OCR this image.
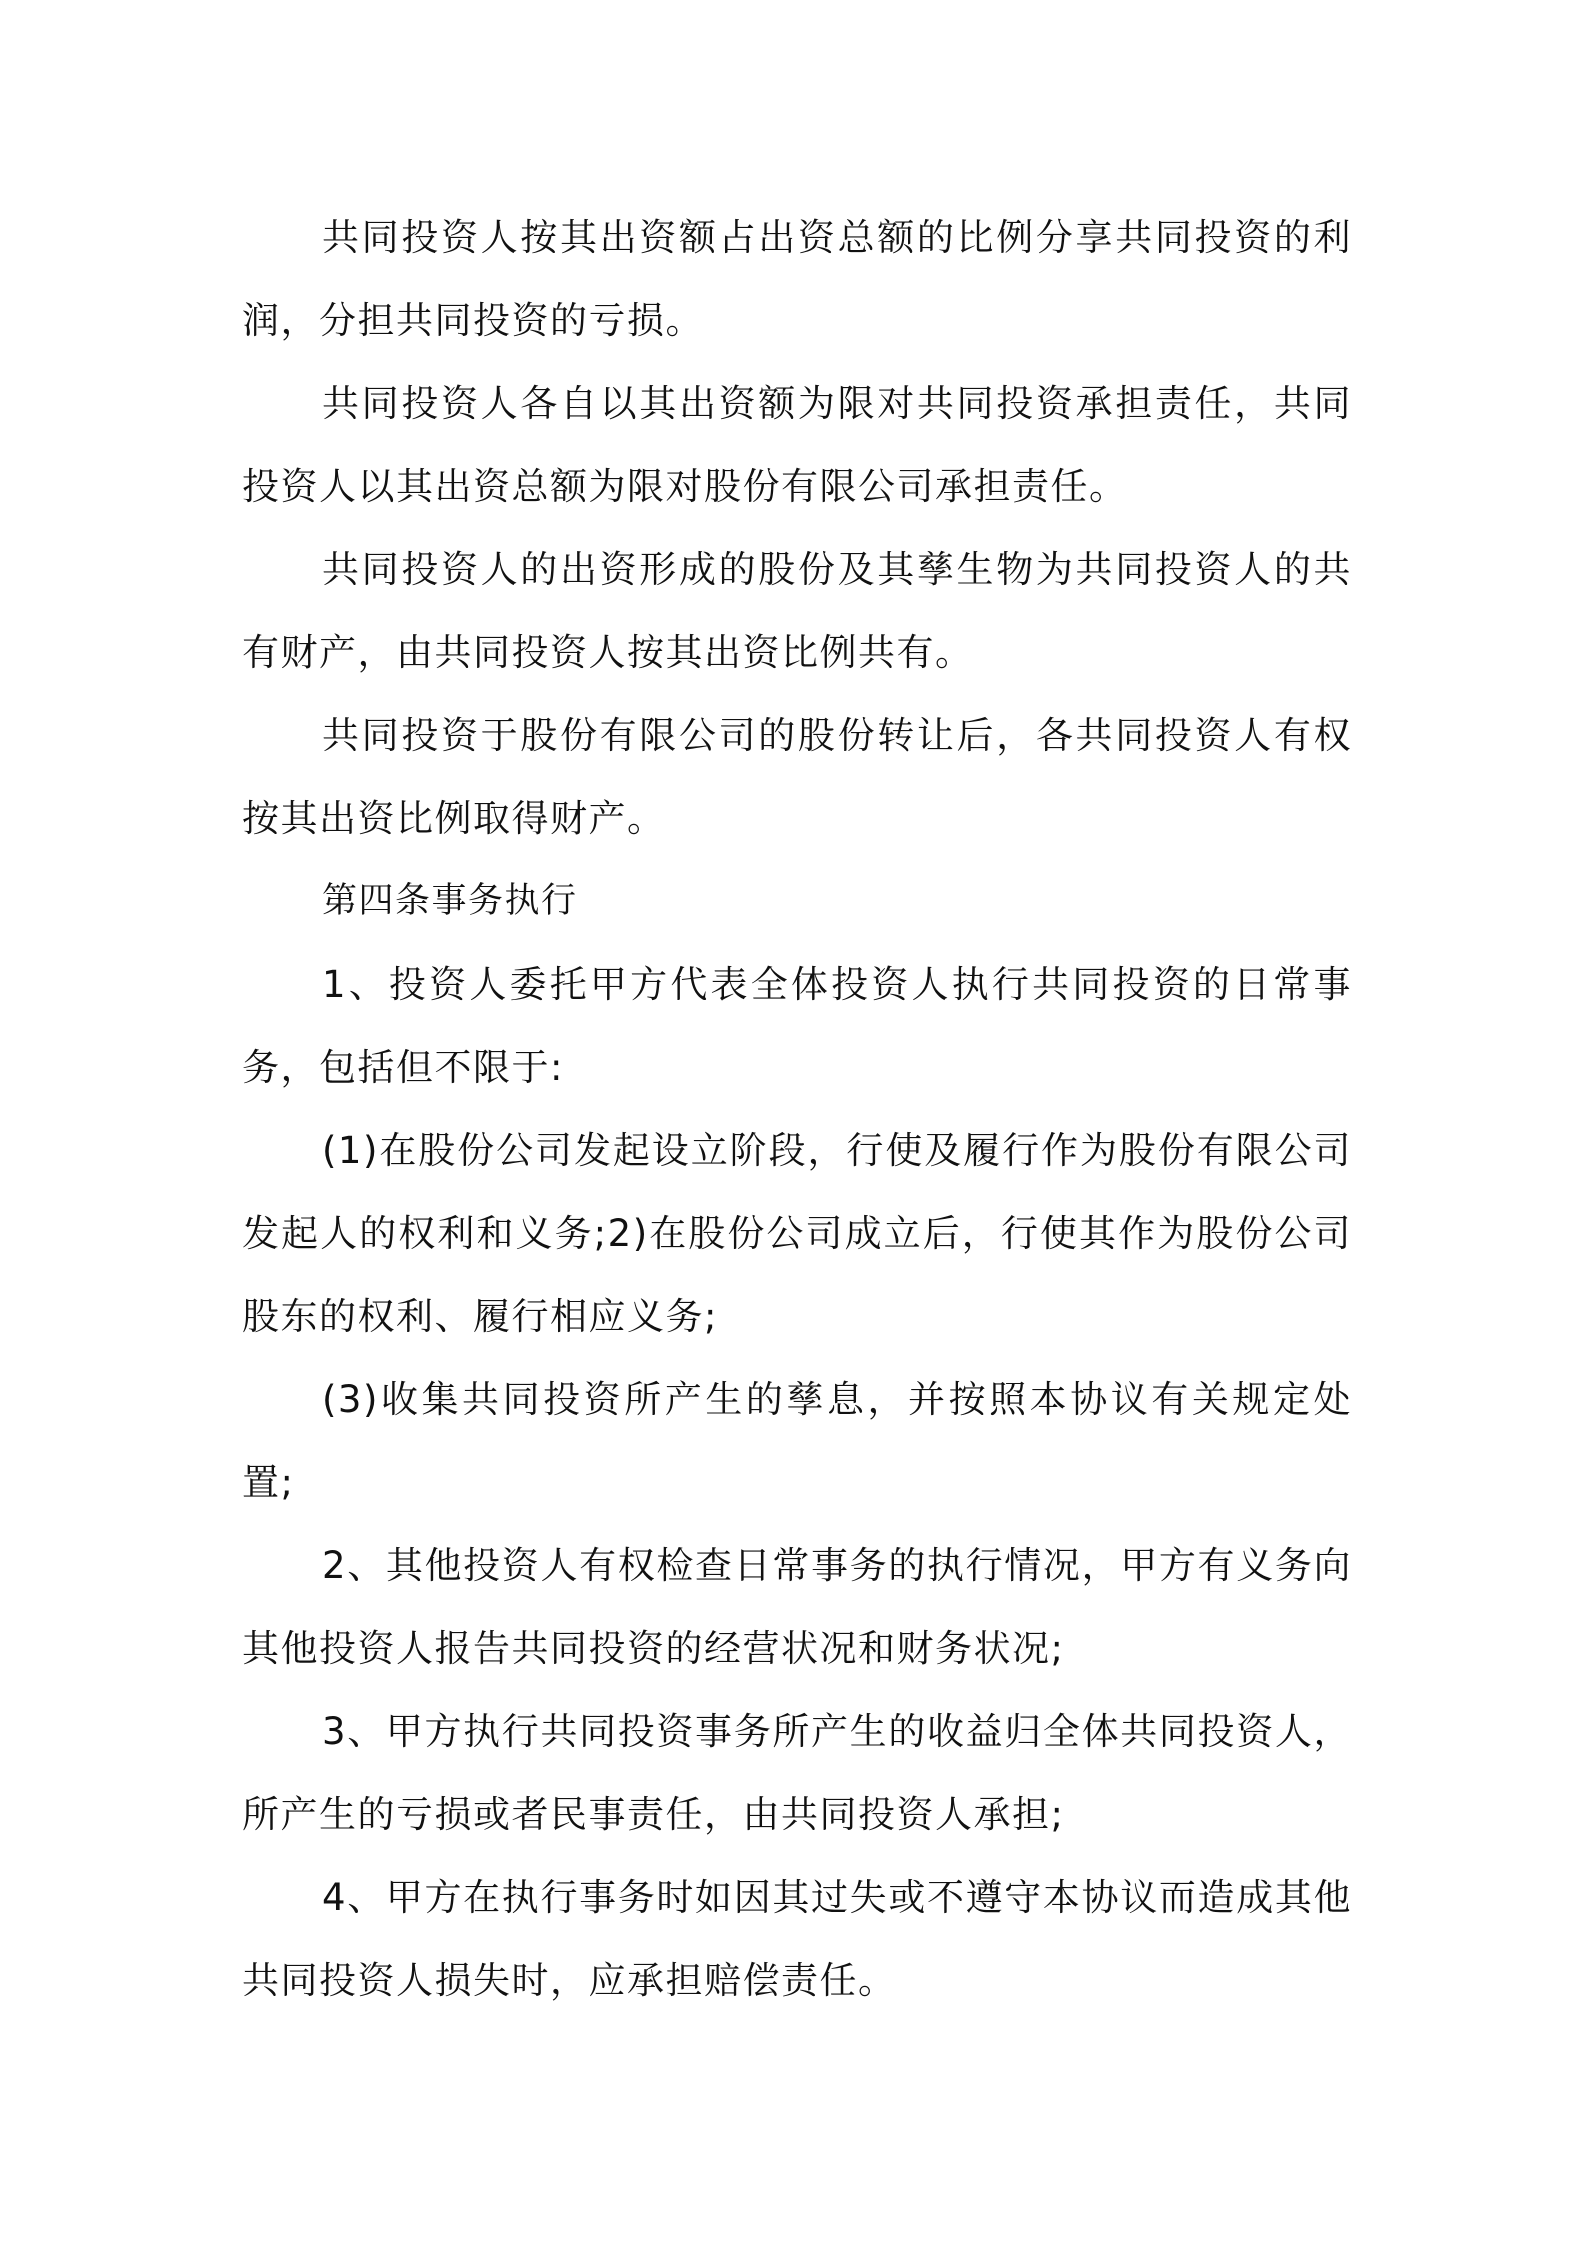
共同投资人按其出资额占出资总额的比例分享共同投资的利润，分担共同投资的亏损。

共同投资人各自以其出资额为限对共同投资承担责任，共同投资人以其出资总额为限对股份有限公司承担责任。

共同投资人的出资形成的股份及其孳生物为共同投资人的共有财产，由共同投资人按其出资比例共有。

共同投资于股份有限公司的股份转让后，各共同投资人有权按其出资比例取得财产。

第四条事务执行

1、投资人委托甲方代表全体投资人执行共同投资的日常事务，包括但不限于:

(1)在股份公司发起设立阶段，行使及履行作为股份有限公司发起人的权利和义务;2)在股份公司成立后，行使其作为股份公司股东的权利、履行相应义务;

(3)收集共同投资所产生的孳息，并按照本协议有关规定处置;

2、其他投资人有权检查日常事务的执行情况，甲方有义务向其他投资人报告共同投资的经营状况和财务状况;

3、甲方执行共同投资事务所产生的收益归全体共同投资人，所产生的亏损或者民事责任，由共同投资人承担;

4、甲方在执行事务时如因其过失或不遵守本协议而造成其他共同投资人损失时，应承担赔偿责任。
